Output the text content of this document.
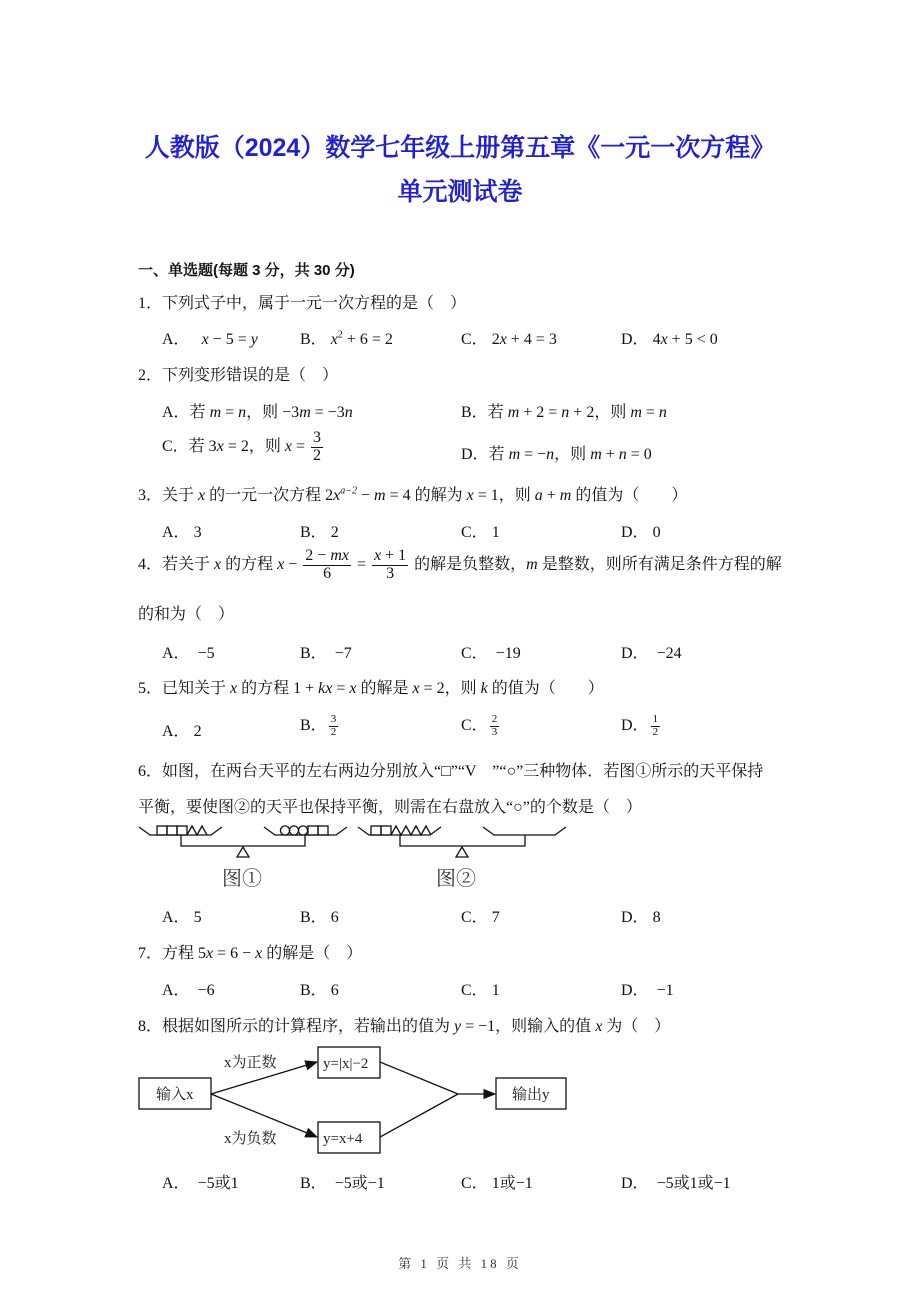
人教版（2024）数学七年级上册第五章《一元一次方程》
单元测试卷
一、单选题(每题 3 分，共 30 分)
1．下列式子中，属于一元一次方程的是（　）
A． x − 5 = y	B． $x^2 + 6 = 2$	C． 2x + 4 = 3	D． 4x + 5 < 0
2．下列变形错误的是（　）
A．若 m = n，则 −3m = −3n	B．若 m + 2 = n + 2，则 m = n
C．若 3x = 2，则 $x = \frac{3}{2}$	D．若 m = −n，则 m + n = 0
3．关于 x 的一元一次方程 $2x^{a-2} - m = 4$ 的解为 x = 1，则 a + m 的值为（　　）
A． 3	B． 2	C． 1	D． 0
4．若关于 x 的方程 $x - \frac{2 - mx}{6} = \frac{x + 1}{3}$ 的解是负整数，m 是整数，则所有满足条件方程的解
的和为（　）
A． −5	B． −7	C． −19	D． −24
5．已知关于 x 的方程 1 + kx = x 的解是 x = 2，则 k 的值为（　　）
A． 2	B． $\frac{3}{2}$	C． $\frac{2}{3}$	D． $\frac{1}{2}$
6．如图，在两台天平的左右两边分别放入“□”“V　”“○”三种物体．若图①所示的天平保持
平衡，要使图②的天平也保持平衡，则需在右盘放入“○”的个数是（　）
图①	图②
A． 5	B． 6	C． 7	D． 8
7．方程 5x = 6 − x 的解是（　）
A． −6	B． 6	C． 1	D． −1
8．根据如图所示的计算程序，若输出的值为 y = −1，则输入的值 x 为（　）
输入x
x为正数
x为负数
y=|x|−2
y=x+4
输出y
A． −5或1	B． −5或−1	C． 1或−1	D． −5或1或−1
第 1 页 共 18 页
